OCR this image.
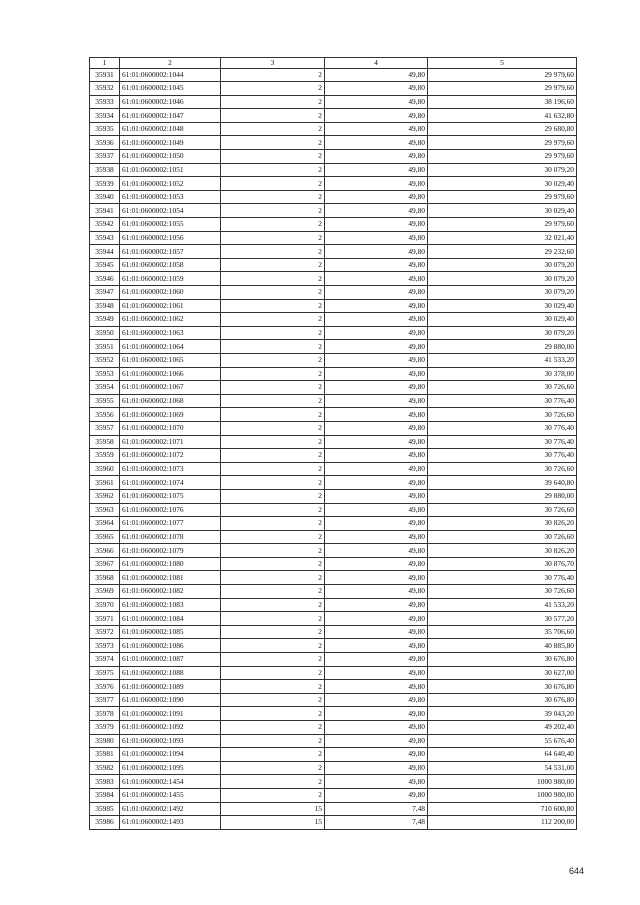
1	2	3	4	5
35931	61:01:0600002:1044	2	49,80	29 979,60
35932	61:01:0600002:1045	2	49,80	29 979,60
35933	61:01:0600002:1046	2	49,80	38 196,60
35934	61:01:0600002:1047	2	49,80	41 632,80
35935	61:01:0600002:1048	2	49,80	29 680,80
35936	61:01:0600002:1049	2	49,80	29 979,60
35937	61:01:0600002:1050	2	49,80	29 979,60
35938	61:01:0600002:1051	2	49,80	30 079,20
35939	61:01:0600002:1052	2	49,80	30 029,40
35940	61:01:0600002:1053	2	49,80	29 979,60
35941	61:01:0600002:1054	2	49,80	30 029,40
35942	61:01:0600002:1055	2	49,80	29 979,60
35943	61:01:0600002:1056	2	49,80	32 021,40
35944	61:01:0600002:1057	2	49,80	29 232,60
35945	61:01:0600002:1058	2	49,80	30 079,20
35946	61:01:0600002:1059	2	49,80	30 079,20
35947	61:01:0600002:1060	2	49,80	30 079,20
35948	61:01:0600002:1061	2	49,80	30 029,40
35949	61:01:0600002:1062	2	49,80	30 029,40
35950	61:01:0600002:1063	2	49,80	30 079,20
35951	61:01:0600002:1064	2	49,80	29 880,00
35952	61:01:0600002:1065	2	49,80	41 533,20
35953	61:01:0600002:1066	2	49,80	30 378,00
35954	61:01:0600002:1067	2	49,80	30 726,60
35955	61:01:0600002:1068	2	49,80	30 776,40
35956	61:01:0600002:1069	2	49,80	30 726,60
35957	61:01:0600002:1070	2	49,80	30 776,40
35958	61:01:0600002:1071	2	49,80	30 776,40
35959	61:01:0600002:1072	2	49,80	30 776,40
35960	61:01:0600002:1073	2	49,80	30 726,60
35961	61:01:0600002:1074	2	49,80	39 640,80
35962	61:01:0600002:1075	2	49,80	29 880,00
35963	61:01:0600002:1076	2	49,80	30 726,60
35964	61:01:0600002:1077	2	49,80	30 826,20
35965	61:01:0600002:1078	2	49,80	30 726,60
35966	61:01:0600002:1079	2	49,80	30 826,20
35967	61:01:0600002:1080	2	49,80	30 876,70
35968	61:01:0600002:1081	2	49,80	30 776,40
35969	61:01:0600002:1082	2	49,80	30 726,60
35970	61:01:0600002:1083	2	49,80	41 533,20
35971	61:01:0600002:1084	2	49,80	30 577,20
35972	61:01:0600002:1085	2	49,80	35 706,60
35973	61:01:0600002:1086	2	49,80	40 885,80
35974	61:01:0600002:1087	2	49,80	30 676,80
35975	61:01:0600002:1088	2	49,80	30 627,00
35976	61:01:0600002:1089	2	49,80	30 676,80
35977	61:01:0600002:1090	2	49,80	30 676,80
35978	61:01:0600002:1091	2	49,80	39 043,20
35979	61:01:0600002:1092	2	49,80	49 202,40
35980	61:01:0600002:1093	2	49,80	55 676,40
35981	61:01:0600002:1094	2	49,80	64 640,40
35982	61:01:0600002:1095	2	49,80	54 531,00
35983	61:01:0600002:1454	2	49,80	1000 980,00
35984	61:01:0600002:1455	2	49,80	1000 980,00
35985	61:01:0600002:1492	15	7,48	710 600,80
35986	61:01:0600002:1493	15	7,48	112 200,00
644
